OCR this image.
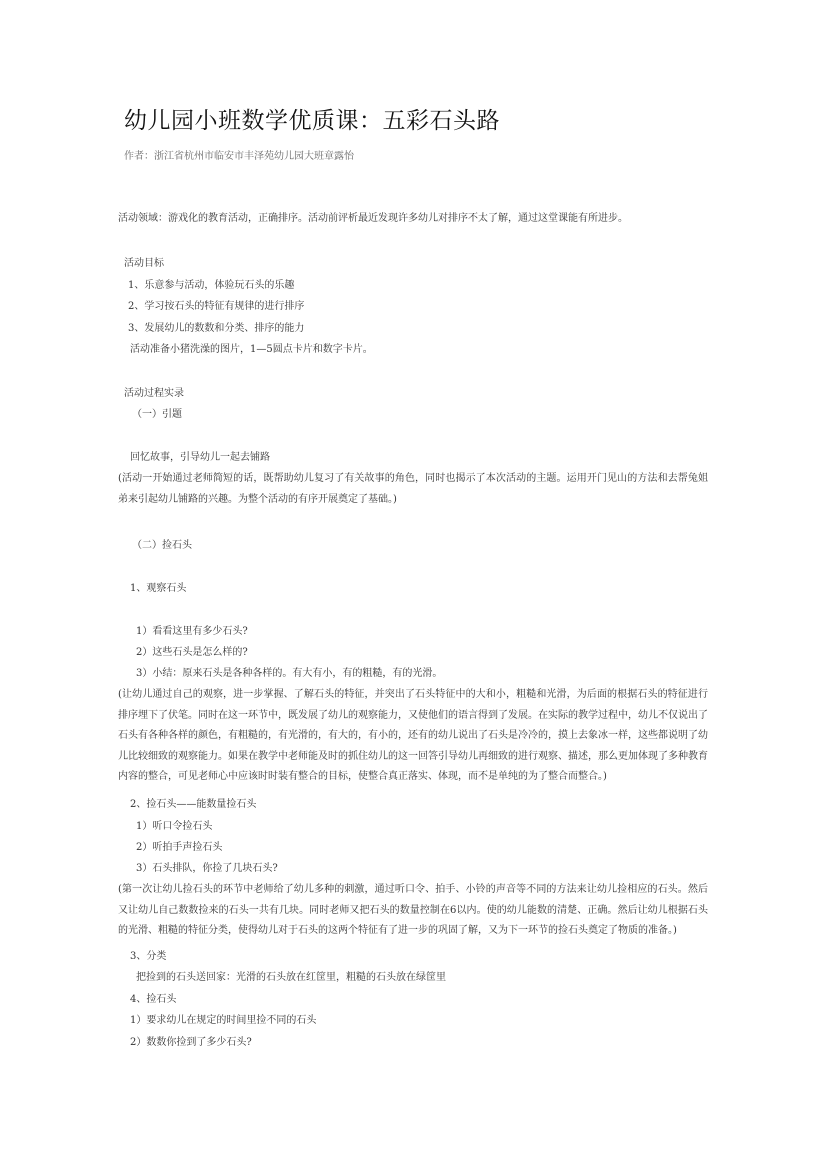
幼儿园小班数学优质课：五彩石头路
作者：浙江省杭州市临安市丰泽苑幼儿园大班章露怡
活动领域：游戏化的教育活动，正确排序。活动前评析最近发现许多幼儿对排序不太了解，通过这堂课能有所进步。
活动目标
1、乐意参与活动，体验玩石头的乐趣
2、学习按石头的特征有规律的进行排序
3、发展幼儿的数数和分类、排序的能力
活动准备小猪洗澡的图片，1—5圆点卡片和数字卡片。
活动过程实录
（一）引题
回忆故事，引导幼儿一起去铺路
(活动一开始通过老师简短的话，既帮助幼儿复习了有关故事的角色，同时也揭示了本次活动的主题。运用开门见山的方法和去帮兔姐弟来引起幼儿铺路的兴趣。为整个活动的有序开展奠定了基础。)
（二）捡石头
1、观察石头
1）看看这里有多少石头?
2）这些石头是怎么样的?
3）小结：原来石头是各种各样的。有大有小，有的粗糙，有的光滑。
(让幼儿通过自己的观察，进一步掌握、了解石头的特征，并突出了石头特征中的大和小，粗糙和光滑，为后面的根据石头的特征进行排序埋下了伏笔。同时在这一环节中，既发展了幼儿的观察能力，又使他们的语言得到了发展。在实际的教学过程中，幼儿不仅说出了石头有各种各样的颜色，有粗糙的，有光滑的，有大的，有小的，还有的幼儿说出了石头是冷冷的，摸上去象冰一样，这些都说明了幼儿比较细致的观察能力。如果在教学中老师能及时的抓住幼儿的这一回答引导幼儿再细致的进行观察、描述，那么更加体现了多种教育内容的整合，可见老师心中应该时时装有整合的目标，使整合真正落实、体现，而不是单纯的为了整合而整合。)
2、捡石头——能数量捡石头
1）听口令捡石头
2）听拍手声捡石头
3）石头排队，你捡了几块石头?
(第一次让幼儿捡石头的环节中老师给了幼儿多种的刺激，通过听口令、拍手、小铃的声音等不同的方法来让幼儿捡相应的石头。然后又让幼儿自己数数捡来的石头一共有几块。同时老师又把石头的数量控制在6以内。使的幼儿能数的清楚、正确。然后让幼儿根据石头的光滑、粗糙的特征分类，使得幼儿对于石头的这两个特征有了进一步的巩固了解，又为下一环节的捡石头奠定了物质的准备。)
3、分类
把捡到的石头送回家：光滑的石头放在红筐里，粗糙的石头放在绿筐里
4、捡石头
1）要求幼儿在规定的时间里捡不同的石头
2）数数你捡到了多少石头?
